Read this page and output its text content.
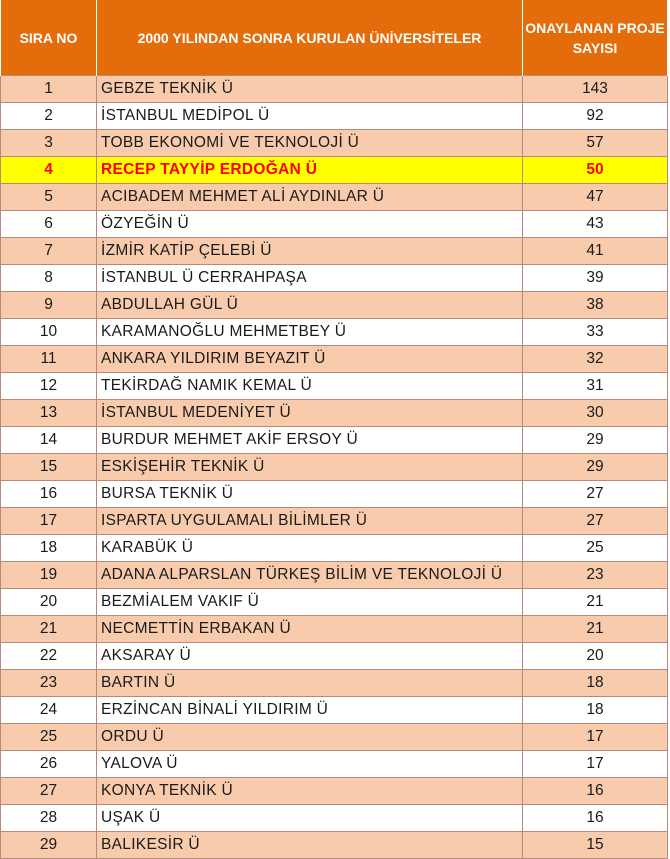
SIRA NO	2000 YILINDAN SONRA KURULAN ÜNİVERSİTELER	ONAYLANAN PROJE SAYISI
1	GEBZE TEKNİK Ü	143
2	İSTANBUL MEDİPOL Ü	92
3	TOBB EKONOMİ VE TEKNOLOJİ Ü	57
4	RECEP TAYYİP ERDOĞAN Ü	50
5	ACIBADEM MEHMET ALİ AYDINLAR Ü	47
6	ÖZYEĞİN Ü	43
7	İZMİR KATİP ÇELEBİ Ü	41
8	İSTANBUL Ü CERRAHPAŞA	39
9	ABDULLAH GÜL Ü	38
10	KARAMANOĞLU MEHMETBEY Ü	33
11	ANKARA YILDIRIM BEYAZIT Ü	32
12	TEKİRDAĞ NAMIK KEMAL Ü	31
13	İSTANBUL MEDENİYET Ü	30
14	BURDUR MEHMET AKİF ERSOY Ü	29
15	ESKİŞEHİR TEKNİK Ü	29
16	BURSA TEKNİK Ü	27
17	ISPARTA UYGULAMALI BİLİMLER Ü	27
18	KARABÜK Ü	25
19	ADANA ALPARSLAN TÜRKEŞ BİLİM VE TEKNOLOJİ Ü	23
20	BEZMİALEM VAKIF Ü	21
21	NECMETTİN ERBAKAN Ü	21
22	AKSARAY Ü	20
23	BARTIN Ü	18
24	ERZİNCAN BİNALİ YILDIRIM Ü	18
25	ORDU Ü	17
26	YALOVA Ü	17
27	KONYA TEKNİK Ü	16
28	UŞAK Ü	16
29	BALIKESİR Ü	15
